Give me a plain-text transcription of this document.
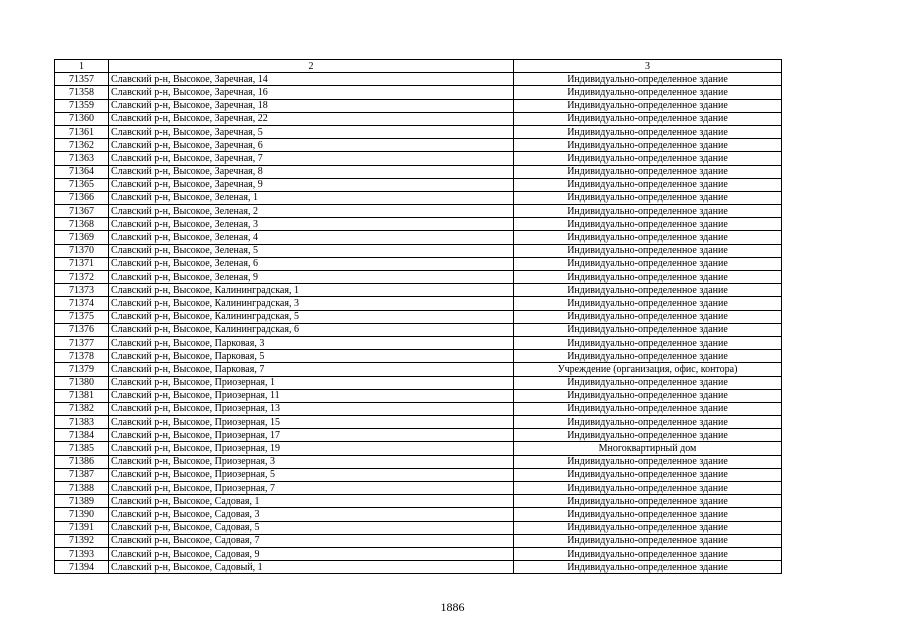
1	2	3
71357	Славский р-н, Высокое, Заречная, 14	Индивидуально-определенное здание
71358	Славский р-н, Высокое, Заречная, 16	Индивидуально-определенное здание
71359	Славский р-н, Высокое, Заречная, 18	Индивидуально-определенное здание
71360	Славский р-н, Высокое, Заречная, 22	Индивидуально-определенное здание
71361	Славский р-н, Высокое, Заречная, 5	Индивидуально-определенное здание
71362	Славский р-н, Высокое, Заречная, 6	Индивидуально-определенное здание
71363	Славский р-н, Высокое, Заречная, 7	Индивидуально-определенное здание
71364	Славский р-н, Высокое, Заречная, 8	Индивидуально-определенное здание
71365	Славский р-н, Высокое, Заречная, 9	Индивидуально-определенное здание
71366	Славский р-н, Высокое, Зеленая, 1	Индивидуально-определенное здание
71367	Славский р-н, Высокое, Зеленая, 2	Индивидуально-определенное здание
71368	Славский р-н, Высокое, Зеленая, 3	Индивидуально-определенное здание
71369	Славский р-н, Высокое, Зеленая, 4	Индивидуально-определенное здание
71370	Славский р-н, Высокое, Зеленая, 5	Индивидуально-определенное здание
71371	Славский р-н, Высокое, Зеленая, 6	Индивидуально-определенное здание
71372	Славский р-н, Высокое, Зеленая, 9	Индивидуально-определенное здание
71373	Славский р-н, Высокое, Калининградская, 1	Индивидуально-определенное здание
71374	Славский р-н, Высокое, Калининградская, 3	Индивидуально-определенное здание
71375	Славский р-н, Высокое, Калининградская, 5	Индивидуально-определенное здание
71376	Славский р-н, Высокое, Калининградская, 6	Индивидуально-определенное здание
71377	Славский р-н, Высокое, Парковая, 3	Индивидуально-определенное здание
71378	Славский р-н, Высокое, Парковая, 5	Индивидуально-определенное здание
71379	Славский р-н, Высокое, Парковая, 7	Учреждение (организация, офис, контора)
71380	Славский р-н, Высокое, Приозерная, 1	Индивидуально-определенное здание
71381	Славский р-н, Высокое, Приозерная, 11	Индивидуально-определенное здание
71382	Славский р-н, Высокое, Приозерная, 13	Индивидуально-определенное здание
71383	Славский р-н, Высокое, Приозерная, 15	Индивидуально-определенное здание
71384	Славский р-н, Высокое, Приозерная, 17	Индивидуально-определенное здание
71385	Славский р-н, Высокое, Приозерная, 19	Многоквартирный дом
71386	Славский р-н, Высокое, Приозерная, 3	Индивидуально-определенное здание
71387	Славский р-н, Высокое, Приозерная, 5	Индивидуально-определенное здание
71388	Славский р-н, Высокое, Приозерная, 7	Индивидуально-определенное здание
71389	Славский р-н, Высокое, Садовая, 1	Индивидуально-определенное здание
71390	Славский р-н, Высокое, Садовая, 3	Индивидуально-определенное здание
71391	Славский р-н, Высокое, Садовая, 5	Индивидуально-определенное здание
71392	Славский р-н, Высокое, Садовая, 7	Индивидуально-определенное здание
71393	Славский р-н, Высокое, Садовая, 9	Индивидуально-определенное здание
71394	Славский р-н, Высокое, Садовый, 1	Индивидуально-определенное здание
1886
